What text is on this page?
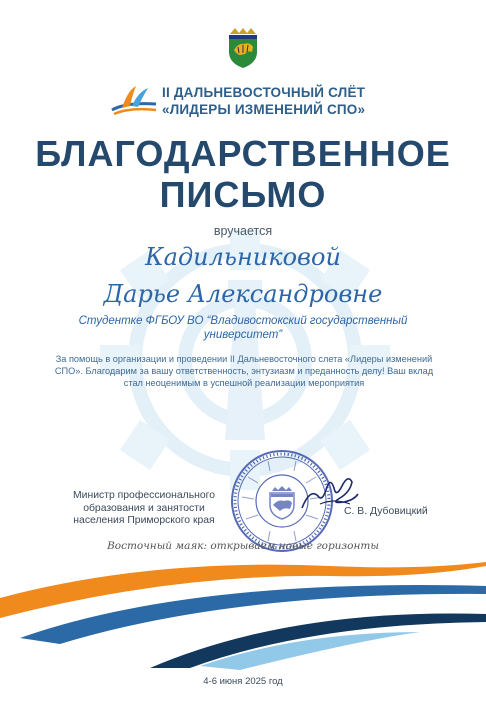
II ДАЛЬНЕВОСТОЧНЫЙ СЛЁТ
«ЛИДЕРЫ ИЗМЕНЕНИЙ СПО»
БЛАГОДАРСТВЕННОЕ
ПИСЬМО
вручается
Кадильниковой
Дарье Александровне
Студентке ФГБОУ ВО “Владивостокский государственный университет”
За помощь в организации и проведении II Дальневосточного слета «Лидеры изменений СПО». Благодарим за вашу ответственность, энтузиазм и преданность делу! Ваш вклад стал неоценимым в успешной реализации мероприятия
Министр профессионального
образования и занятости
населения Приморского края
С. В. Дубовицкий
Восточный маяк: открываем новые горизонты
4-6 июня 2025 год
